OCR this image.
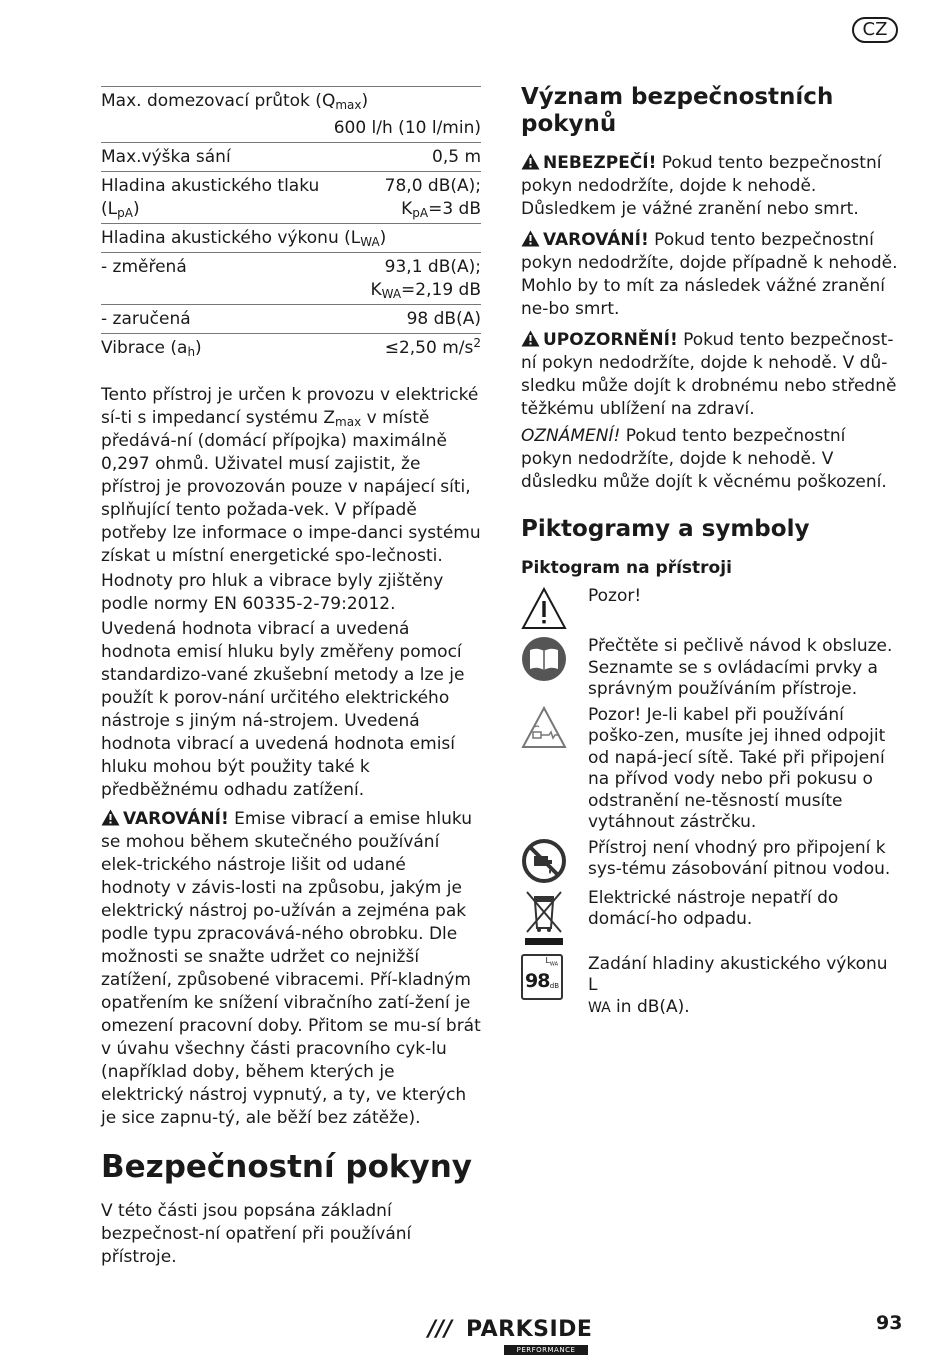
CZ
Max. domezovací průtok $(Q_{max})$
600 l/h (10 l/min)
Max.výška sání	0,5 m
Hladina akustického tlaku	78,0 dB(A);
$(L_{pA})$	$K_{pA}=3$ dB
Hladina akustického výkonu $(L_{WA})$
- změřená	93,1 dB(A);
$K_{WA}=2,19$ dB
- zaručená	98 dB(A)
Vibrace $(a_h)$	≤2,50 $m/s^2$

Tento přístroj je určen k provozu v elektrické sí-ti s impedancí systému $Z_{max}$ v místě předává-ní (domácí přípojka) maximálně 0,297 ohmů. Uživatel musí zajistit, že přístroj je provozován pouze v napájecí síti, splňující tento požada-vek. V případě potřeby lze informace o impe-danci systému získat u místní energetické spo-lečnosti.

Hodnoty pro hluk a vibrace byly zjištěny podle normy EN 60335-2-79:2012.

Uvedená hodnota vibrací a uvedená hodnota emisí hluku byly změřeny pomocí standardizo-vané zkušební metody a lze je použít k porov-nání určitého elektrického nástroje s jiným ná-strojem. Uvedená hodnota vibrací a uvedená hodnota emisí hluku mohou být použity také k předběžnému odhadu zatížení.

VAROVÁNÍ! Emise vibrací a emise hluku se mohou během skutečného používání elek-trického nástroje lišit od udané hodnoty v závis-losti na způsobu, jakým je elektrický nástroj po-užíván a zejména pak podle typu zpracovává-ného obrobku. Dle možnosti se snažte udržet co nejnižší zatížení, způsobené vibracemi. Pří-kladným opatřením ke snížení vibračního zatí-žení je omezení pracovní doby. Přitom se mu-sí brát v úvahu všechny části pracovního cyk-lu (například doby, během kterých je elektrický nástroj vypnutý, a ty, ve kterých je sice zapnu-tý, ale běží bez zátěže).

Bezpečnostní pokyny

V této části jsou popsána základní bezpečnost-ní opatření při používání přístroje.

Význam bezpečnostních pokynů

NEBEZPEČÍ! Pokud tento bezpečnostní pokyn nedodržíte, dojde k nehodě. Důsledkem je vážné zranění nebo smrt.

VAROVÁNÍ! Pokud tento bezpečnostní pokyn nedodržíte, dojde případně k nehodě. Mohlo by to mít za následek vážné zranění ne-bo smrt.

UPOZORNĚNÍ! Pokud tento bezpečnost-ní pokyn nedodržíte, dojde k nehodě. V dů-sledku může dojít k drobnému nebo středně těžkému ublížení na zdraví.

OZNÁMENÍ! Pokud tento bezpečnostní pokyn nedodržíte, dojde k nehodě. V důsledku může dojít k věcnému poškození.

Piktogramy a symboly
Piktogram na přístroji
Pozor!
Přečtěte si pečlivě návod k obsluze. Seznamte se s ovládacími prvky a správným používáním přístroje.
Pozor! Je-li kabel při používání poško-zen, musíte jej ihned odpojit od napá-jecí sítě. Také při připojení na přívod vody nebo při pokusu o odstranění ne-těsností musíte vytáhnout zástrčku.
Přístroj není vhodný pro připojení k sys-tému zásobování pitnou vodou.
Elektrické nástroje nepatří do domácí-ho odpadu.
$L_{WA}$
98 dB
Zadání hladiny akustického výkonu L
WA in dB(A).
/// PARKSIDE
PERFORMANCE
93
